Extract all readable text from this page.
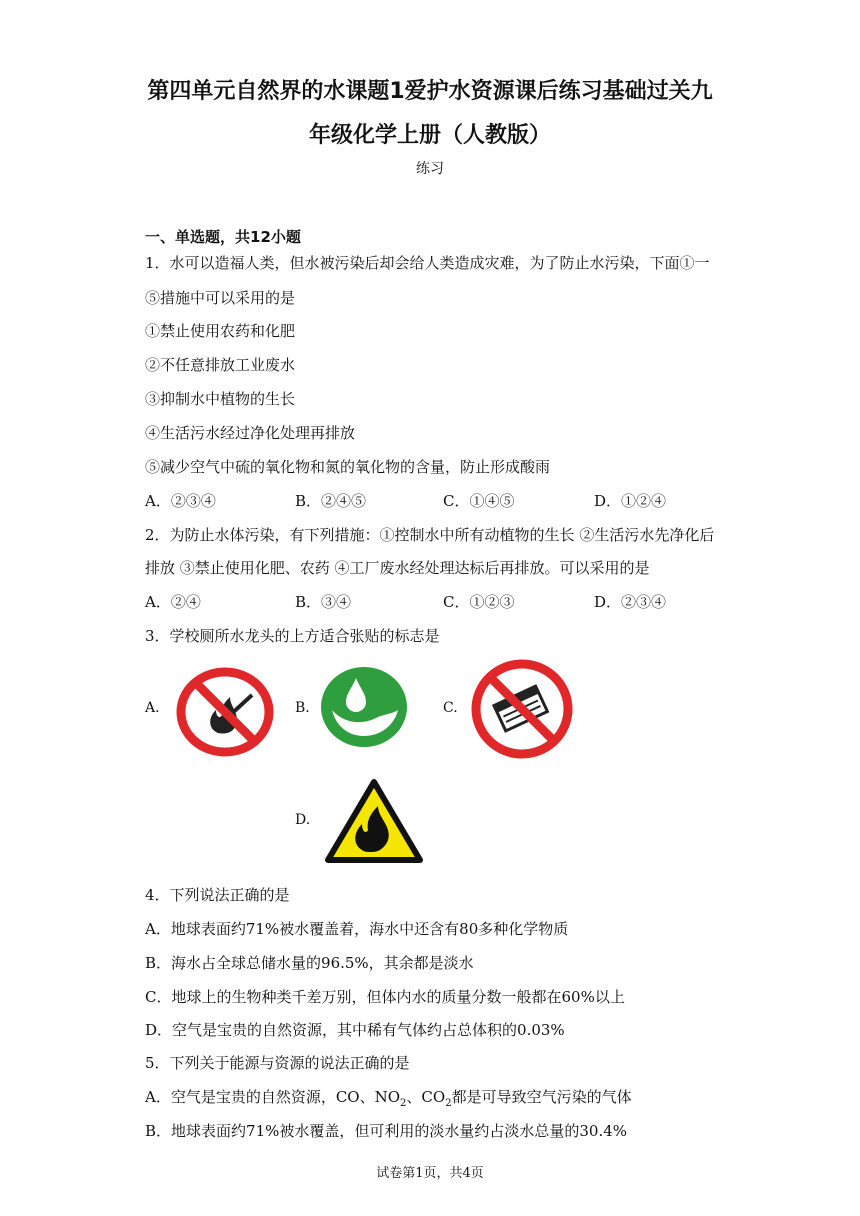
第四单元自然界的水课题1爱护水资源课后练习基础过关九
年级化学上册（人教版）
练习
一、单选题，共12小题
1．水可以造福人类，但水被污染后却会给人类造成灾难，为了防止水污染，下面①一
⑤措施中可以采用的是
①禁止使用农药和化肥
②不任意排放工业废水
③抑制水中植物的生长
④生活污水经过净化处理再排放
⑤减少空气中硫的氧化物和氮的氧化物的含量，防止形成酸雨
A．②③④	B．②④⑤	C．①④⑤	D．①②④
2．为防止水体污染，有下列措施：①控制水中所有动植物的生长 ②生活污水先净化后
排放 ③禁止使用化肥、农药 ④工厂废水经处理达标后再排放。可以采用的是
A．②④	B．③④	C．①②③	D．②③④
3．学校厕所水龙头的上方适合张贴的标志是
A.	B.	C.
D.
4．下列说法正确的是
A．地球表面约71%被水覆盖着，海水中还含有80多种化学物质
B．海水占全球总储水量的96.5%，其余都是淡水
C．地球上的生物种类千差万别，但体内水的质量分数一般都在60%以上
D．空气是宝贵的自然资源，其中稀有气体约占总体积的0.03%
5．下列关于能源与资源的说法正确的是
A．空气是宝贵的自然资源，CO、$NO_2$、$CO_2$都是可导致空气污染的气体
B．地球表面约71%被水覆盖，但可利用的淡水量约占淡水总量的30.4%
试卷第1页，共4页
